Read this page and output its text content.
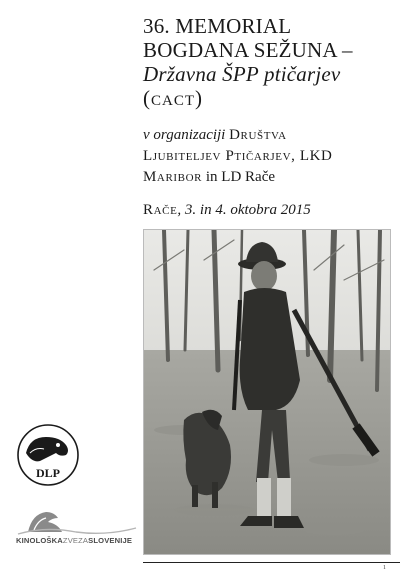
36. MEMORIAL
BOGDANA SEŽUNA –
Državna ŠPP ptičarjev
(cact)
v organizaciji Društva
Ljubiteljev Ptičarjev, LKD
Maribor in LD Rače
Rače, 3. in 4. oktobra 2015
DLP
KINOLOŠKAZVEZASLOVENIJE
1
